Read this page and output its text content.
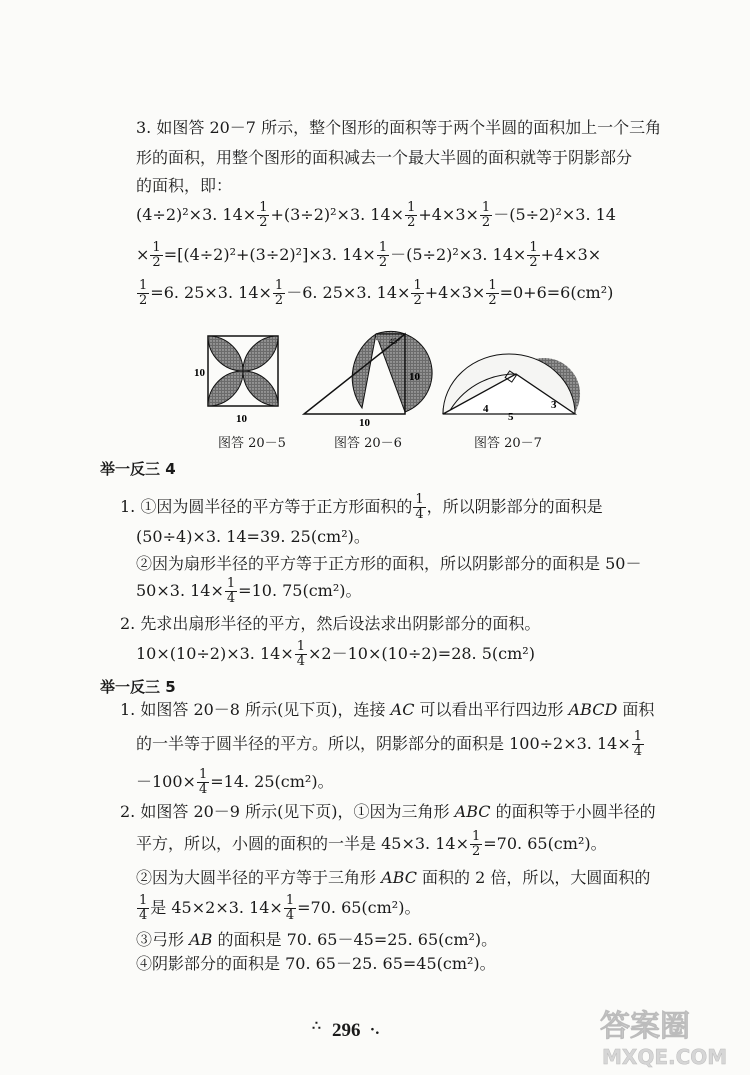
3. 如图答 20－7 所示，整个图形的面积等于两个半圆的面积加上一个三角
形的面积，用整个图形的面积减去一个最大半圆的面积就等于阴影部分
的面积，即：
(4÷2)²×3. $14\times \frac{1}{2} +(3\div 2)^2\times 3$. $14\times \frac{1}{2} +4\times 3\times \frac{1}{2} -(5\div 2)^2\times 3$. 14
× $\frac{1}{2} =[(4\div 2)^2+(3\div 2)^2]\times 3$. $14\times \frac{1}{2} -(5\div 2)^2\times 3$. $14\times \frac{1}{2} +4\times 3\times$
$\frac{1}{2} =6$. 25×3. $14\times \frac{1}{2} -6$. 25×3. $14\times \frac{1}{2} +4\times 3\times \frac{1}{2} =0+6=6(cm^2)$
10
10
45°
10
10
4	3
5
图答 20－5	图答 20－6	图答 20－7
举一反三 4
1. ①因为圆半径的平方等于正方形面积的 $\frac{1}{4}$ ，所以阴影部分的面积是
(50÷4)×3. 14=39. 25(cm²)。
②因为扇形半径的平方等于正方形的面积，所以阴影部分的面积是 50－
50×3. $14\times \frac{1}{4} =10$. 75(cm²)。
2. 先求出扇形半径的平方，然后设法求出阴影部分的面积。
10×(10÷2)×3. $14\times \frac{1}{4} \times 2-10\times(10\div 2)=28$. 5(cm²)
举一反三 5
1. 如图答 20－8 所示(见下页)，连接 AC 可以看出平行四边形 ABCD 面积
的一半等于圆半径的平方。所以，阴影部分的面积是 100÷2×3. $14\times \frac{1}{4}$
$-100\times \frac{1}{4} =14$. 25(cm²)。
2. 如图答 20－9 所示(见下页)，①因为三角形 ABC 的面积等于小圆半径的
平方，所以，小圆的面积的一半是 45×3. $14\times \frac{1}{2} =70$. 65(cm²)。
②因为大圆半径的平方等于三角形 ABC 面积的 2 倍，所以，大圆面积的
$\frac{1}{4}$ 是 45×2×3. $14\times \frac{1}{4} =70$. 65(cm²)。
③弓形 AB 的面积是 70. 65－45=25. 65(cm²)。
④阴影部分的面积是 70. 65－25. 65=45(cm²)。
∴ 296 ·.	答案圈
MXQE.COM
